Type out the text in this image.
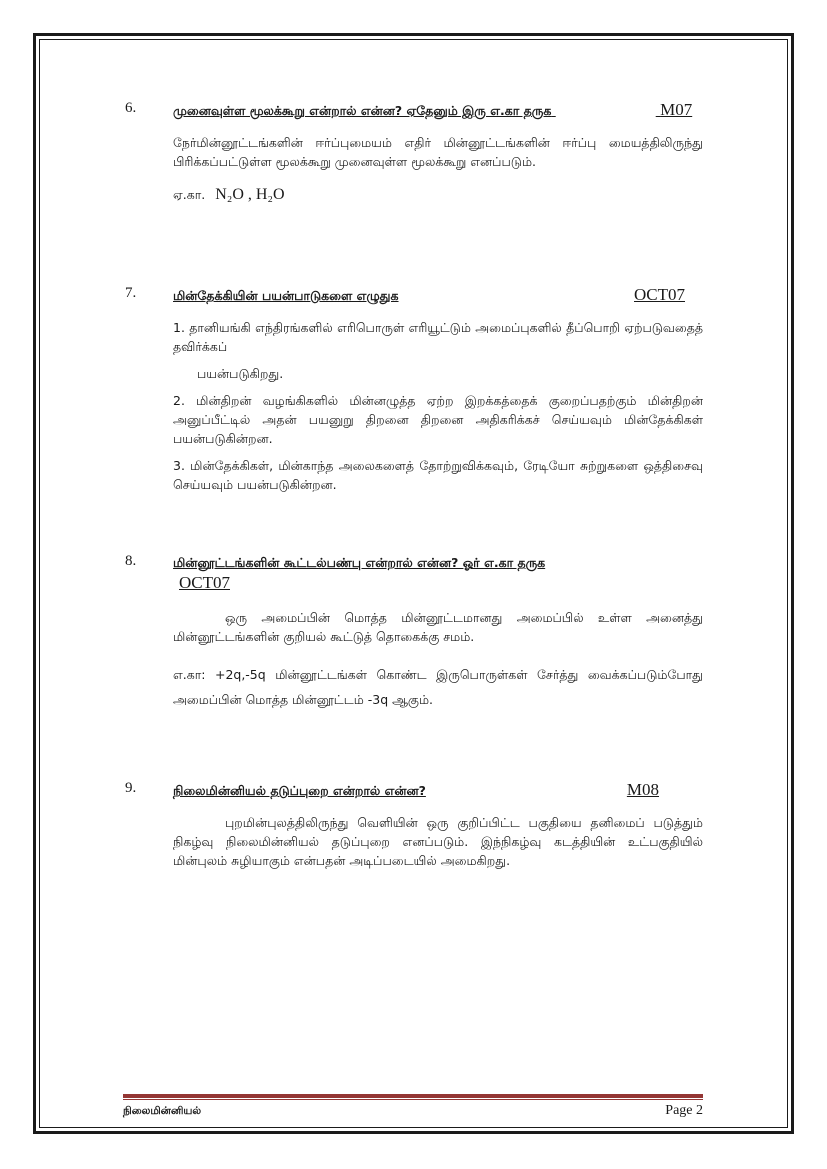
6.	முனைவுள்ள மூலக்கூறு என்றால் என்ன? ஏதேனும் இரு எ.கா தருக	M07
நேர்மின்னூட்டங்களின் ஈர்ப்புமையம் எதிர் மின்னூட்டங்களின் ஈர்ப்பு மையத்திலிருந்து பிரிக்கப்பட்டுள்ள மூலக்கூறு முனைவுள்ள மூலக்கூறு எனப்படும்.
ஏ.கா. N₂O , H₂O
7.	மின்தேக்கியின் பயன்பாடுகளை எழுதுக	OCT07
1. தானியங்கி எந்திரங்களில் எரிபொருள் எரியூட்டும் அமைப்புகளில் தீப்பொறி ஏற்படுவதைத் தவிர்க்கப்
பயன்படுகிறது.
2. மின்திறன் வழங்கிகளில் மின்னழுத்த ஏற்ற இறக்கத்தைக் குறைப்பதற்கும் மின்திறன் அனுப்பீட்டில் அதன் பயனுறு திறனை திறனை அதிகரிக்கச் செய்யவும் மின்தேக்கிகள் பயன்படுகின்றன.
3. மின்தேக்கிகள், மின்காந்த அலைகளைத் தோற்றுவிக்கவும், ரேடியோ சுற்றுகளை ஒத்திசைவு செய்யவும் பயன்படுகின்றன.
8.	மின்னூட்டங்களின் கூட்டல்பண்பு என்றால் என்ன? ஓர் எ.கா தருக
OCT07
ஒரு அமைப்பின் மொத்த மின்னூட்டமானது அமைப்பில் உள்ள அனைத்து மின்னூட்டங்களின் குறியல் கூட்டுத் தொகைக்கு சமம்.
எ.கா: +2q,-5q மின்னூட்டங்கள் கொண்ட இருபொருள்கள் சேர்த்து வைக்கப்படும்போது அமைப்பின் மொத்த மின்னூட்டம் -3q ஆகும்.
9.	நிலைமின்னியல் தடுப்புறை என்றால் என்ன?	M08
புறமின்புலத்திலிருந்து வெளியின் ஒரு குறிப்பிட்ட பகுதியை தனிமைப் படுத்தும் நிகழ்வு நிலைமின்னியல் தடுப்புறை எனப்படும். இந்நிகழ்வு கடத்தியின் உட்பகுதியில் மின்புலம் சுழியாகும் என்பதன் அடிப்படையில் அமைகிறது.
நிலைமின்னியல்	Page 2
